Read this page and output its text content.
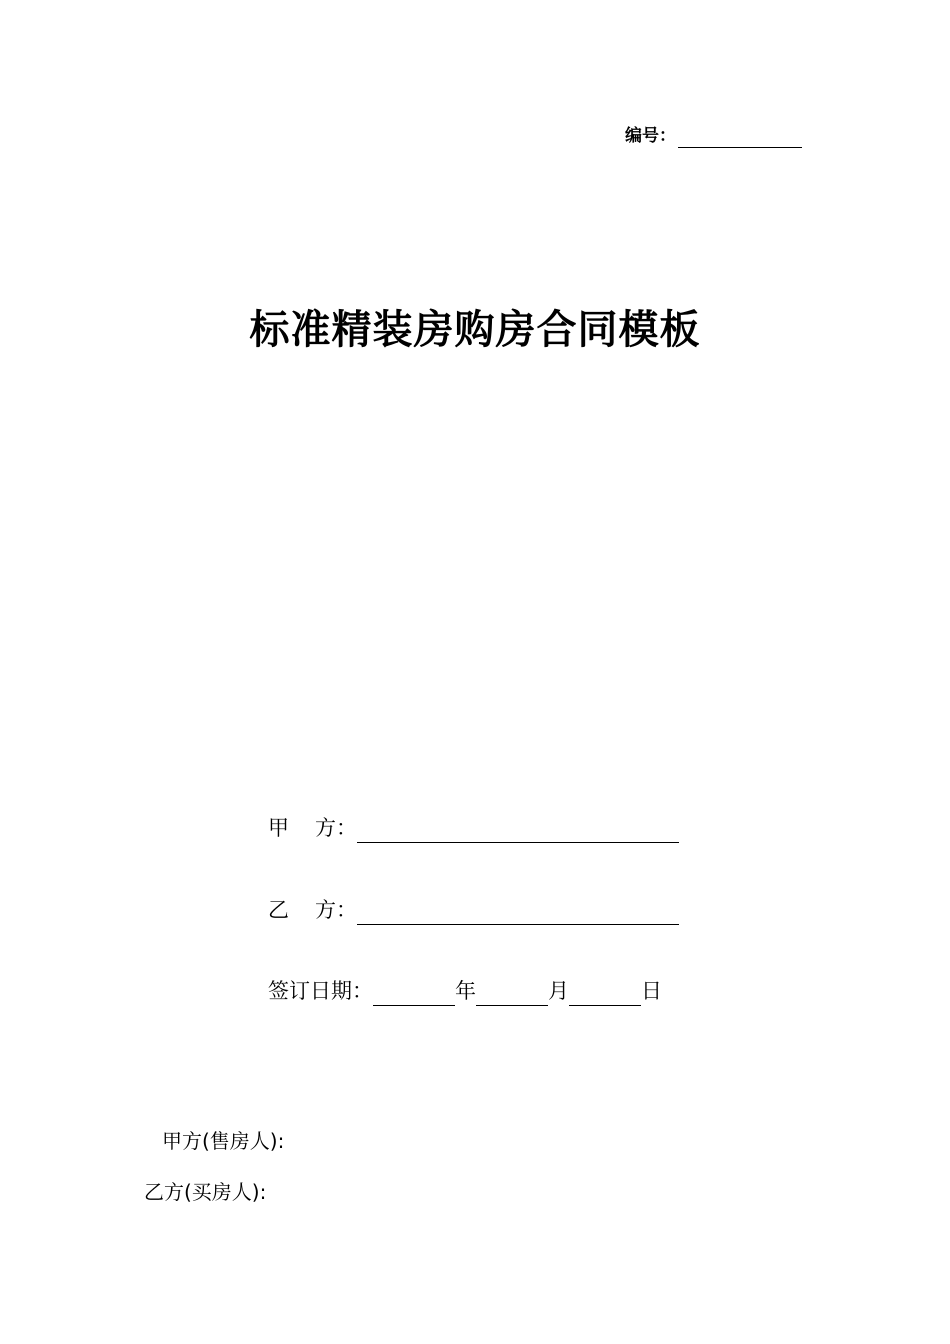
编号：
标准精装房购房合同模板
甲 方：
乙 方：
签订日期：	年	月	日
甲方(售房人):
乙方(买房人):
